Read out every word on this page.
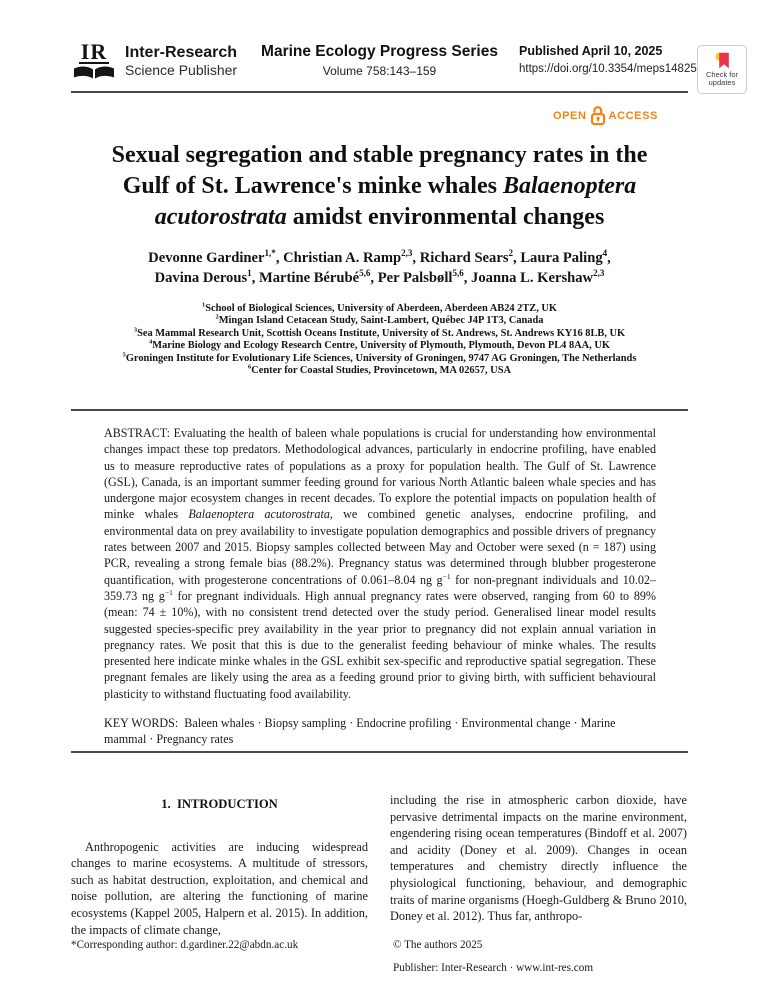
IR Inter-Research
Science Publisher
Marine Ecology Progress Series
Volume 758:143–159
Published April 10, 2025
https://doi.org/10.3354/meps14825 Check for
updates
OPEN ACCESS
Sexual segregation and stable pregnancy rates in the
Gulf of St. Lawrence's minke whales Balaenoptera
acutorostrata amidst environmental changes
Devonne Gardiner$^{1,*}$, Christian A. Ramp$^{2,3}$, Richard Sears$^2$, Laura Paling$^4$,
Davina Derous$^1$, Martine Bérubé$^{5,6}$, Per Palsbøll$^{5,6}$, Joanna L. Kershaw$^{2,3}$
$^1$School of Biological Sciences, University of Aberdeen, Aberdeen AB24 2TZ, UK
$^2$Mingan Island Cetacean Study, Saint-Lambert, Québec J4P 1T3, Canada
$^3$Sea Mammal Research Unit, Scottish Oceans Institute, University of St. Andrews, St. Andrews KY16 8LB, UK
$^4$Marine Biology and Ecology Research Centre, University of Plymouth, Plymouth, Devon PL4 8AA, UK
$^5$Groningen Institute for Evolutionary Life Sciences, University of Groningen, 9747 AG Groningen, The Netherlands
$^6$Center for Coastal Studies, Provincetown, MA 02657, USA

ABSTRACT: Evaluating the health of baleen whale populations is crucial for understanding how environmental changes impact these top predators. Methodological advances, particularly in endocrine profiling, have enabled us to measure reproductive rates of populations as a proxy for population health. The Gulf of St. Lawrence (GSL), Canada, is an important summer feeding ground for various North Atlantic baleen whale species and has undergone major ecosystem changes in recent decades. To explore the potential impacts on population health of minke whales Balaenoptera acutorostrata, we combined genetic analyses, endocrine profiling, and environmental data on prey availability to investigate population demographics and possible drivers of pregnancy rates between 2007 and 2015. Biopsy samples collected between May and October were sexed (n = 187) using PCR, revealing a strong female bias (88.2%). Pregnancy status was determined through blubber progesterone quantification, with progesterone concentrations of 0.061–8.04 ng $g^{-1}$ for non-pregnant individuals and 10.02–359.73 ng $g^{-1}$ for pregnant individuals. High annual pregnancy rates were observed, ranging from 60 to 89% (mean: 74 ± 10%), with no consistent trend detected over the study period. Generalised linear model results suggested species-specific prey availability in the year prior to pregnancy did not explain annual variation in pregnancy rates. We posit that this is due to the generalist feeding behaviour of minke whales. The results presented here indicate minke whales in the GSL exhibit sex-specific and reproductive spatial segregation. These pregnant females are likely using the area as a feeding ground prior to giving birth, with sufficient behavioural plasticity to withstand fluctuating food availability.

KEY WORDS: Baleen whales · Biopsy sampling · Endocrine profiling · Environmental change · Marine mammal · Pregnancy rates

1. INTRODUCTION

Anthropogenic activities are inducing widespread changes to marine ecosystems. A multitude of stressors, such as habitat destruction, exploitation, and chemical and noise pollution, are altering the functioning of marine ecosystems (Kappel 2005, Halpern et al. 2015). In addition, the impacts of climate change,

including the rise in atmospheric carbon dioxide, have pervasive detrimental impacts on the marine environment, engendering rising ocean temperatures (Bindoff et al. 2007) and acidity (Doney et al. 2009). Changes in ocean temperatures and chemistry directly influence the physiological functioning, behaviour, and demographic traits of marine organisms (Hoegh-Guldberg & Bruno 2010, Doney et al. 2012). Thus far, anthropo-

*Corresponding author: d.gardiner.22@abdn.ac.uk	© The authors 2025
Publisher: Inter-Research · www.int-res.com
